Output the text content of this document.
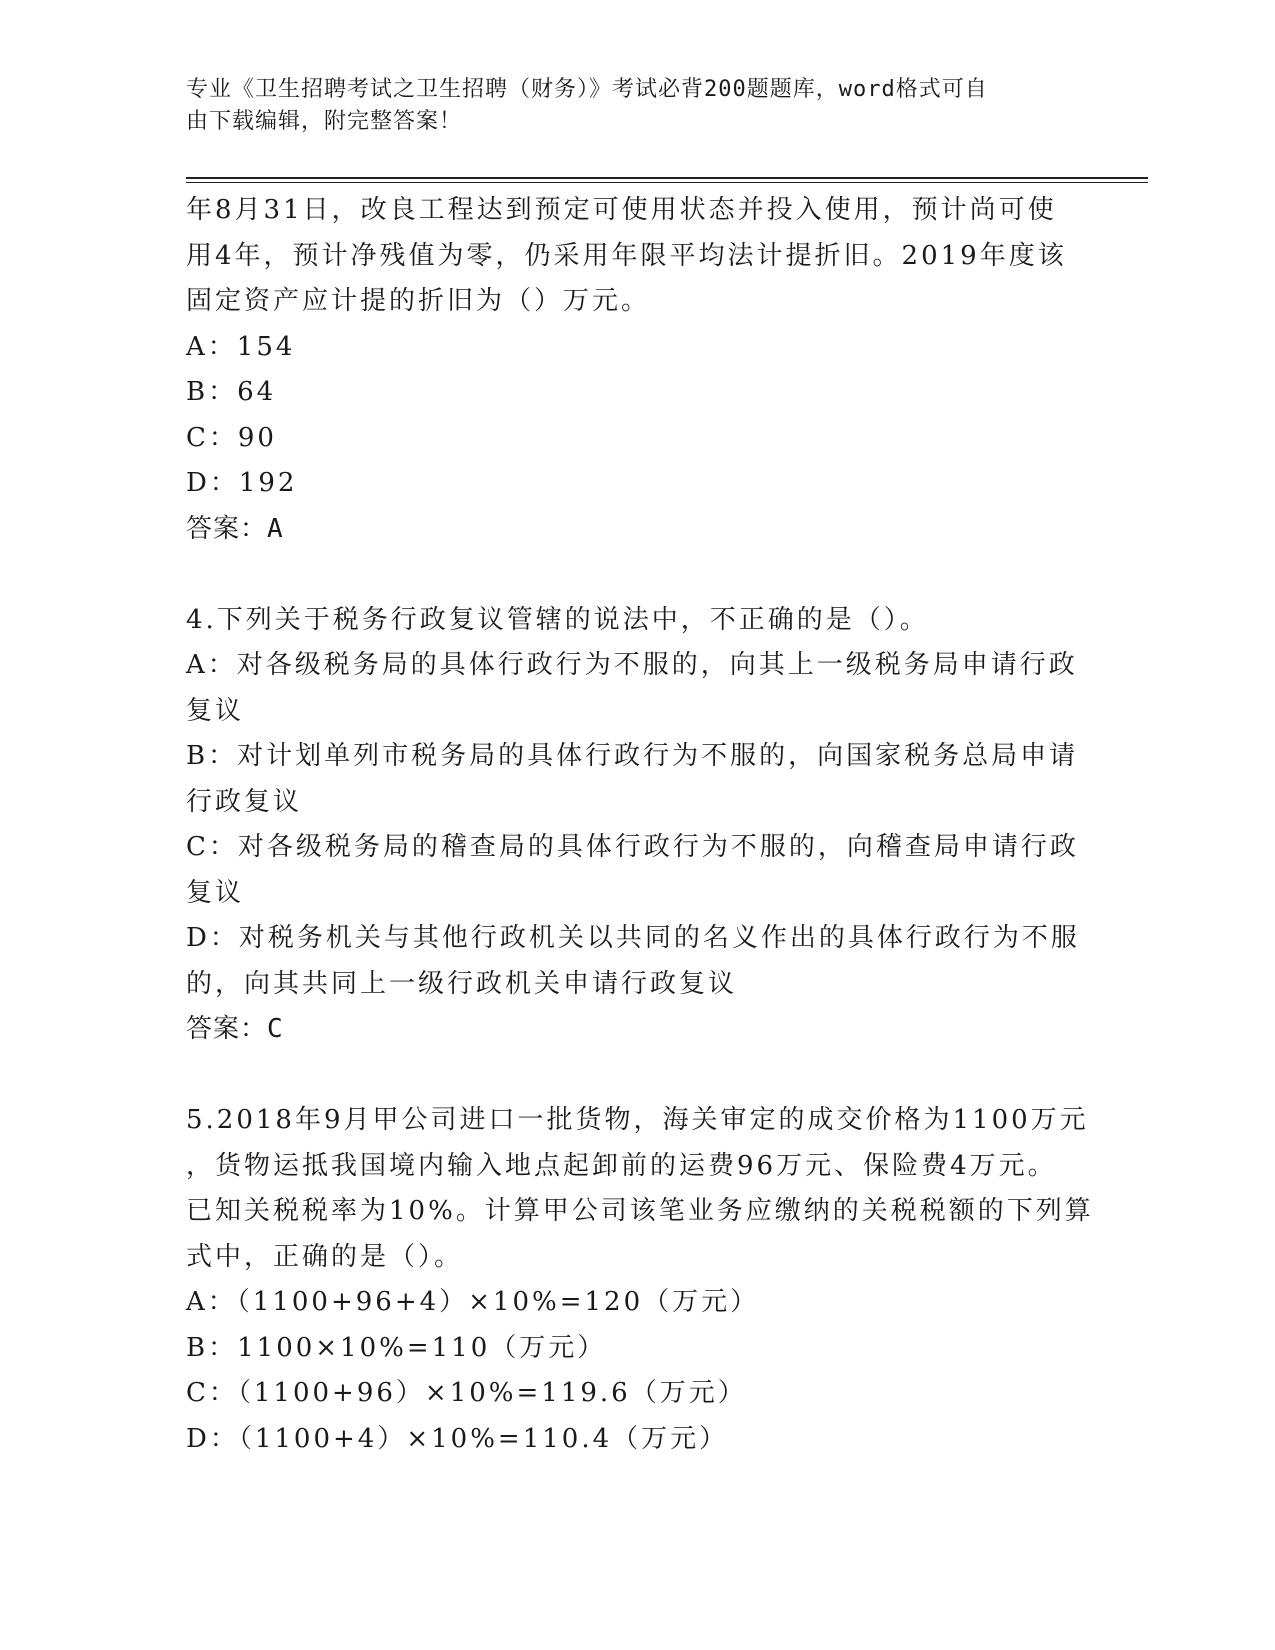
专业《卫生招聘考试之卫生招聘（财务）》考试必背200题题库，word格式可自
由下载编辑，附完整答案！
年8月31日，改良工程达到预定可使用状态并投入使用，预计尚可使
用4年，预计净残值为零，仍采用年限平均法计提折旧。2019年度该
固定资产应计提的折旧为（）万元。
A：154
B：64
C：90
D：192
答案：A
4.下列关于税务行政复议管辖的说法中，不正确的是（）。
A：对各级税务局的具体行政行为不服的，向其上一级税务局申请行政
复议
B：对计划单列市税务局的具体行政行为不服的，向国家税务总局申请
行政复议
C：对各级税务局的稽查局的具体行政行为不服的，向稽查局申请行政
复议
D：对税务机关与其他行政机关以共同的名义作出的具体行政行为不服
的，向其共同上一级行政机关申请行政复议
答案：C
5.2018年9月甲公司进口一批货物，海关审定的成交价格为1100万元
，货物运抵我国境内输入地点起卸前的运费96万元、保险费4万元。
已知关税税率为10%。计算甲公司该笔业务应缴纳的关税税额的下列算
式中，正确的是（）。
A：（1100+96+4）×10%=120（万元）
B：1100×10%=110（万元）
C：（1100+96）×10%=119.6（万元）
D：（1100+4）×10%=110.4（万元）
